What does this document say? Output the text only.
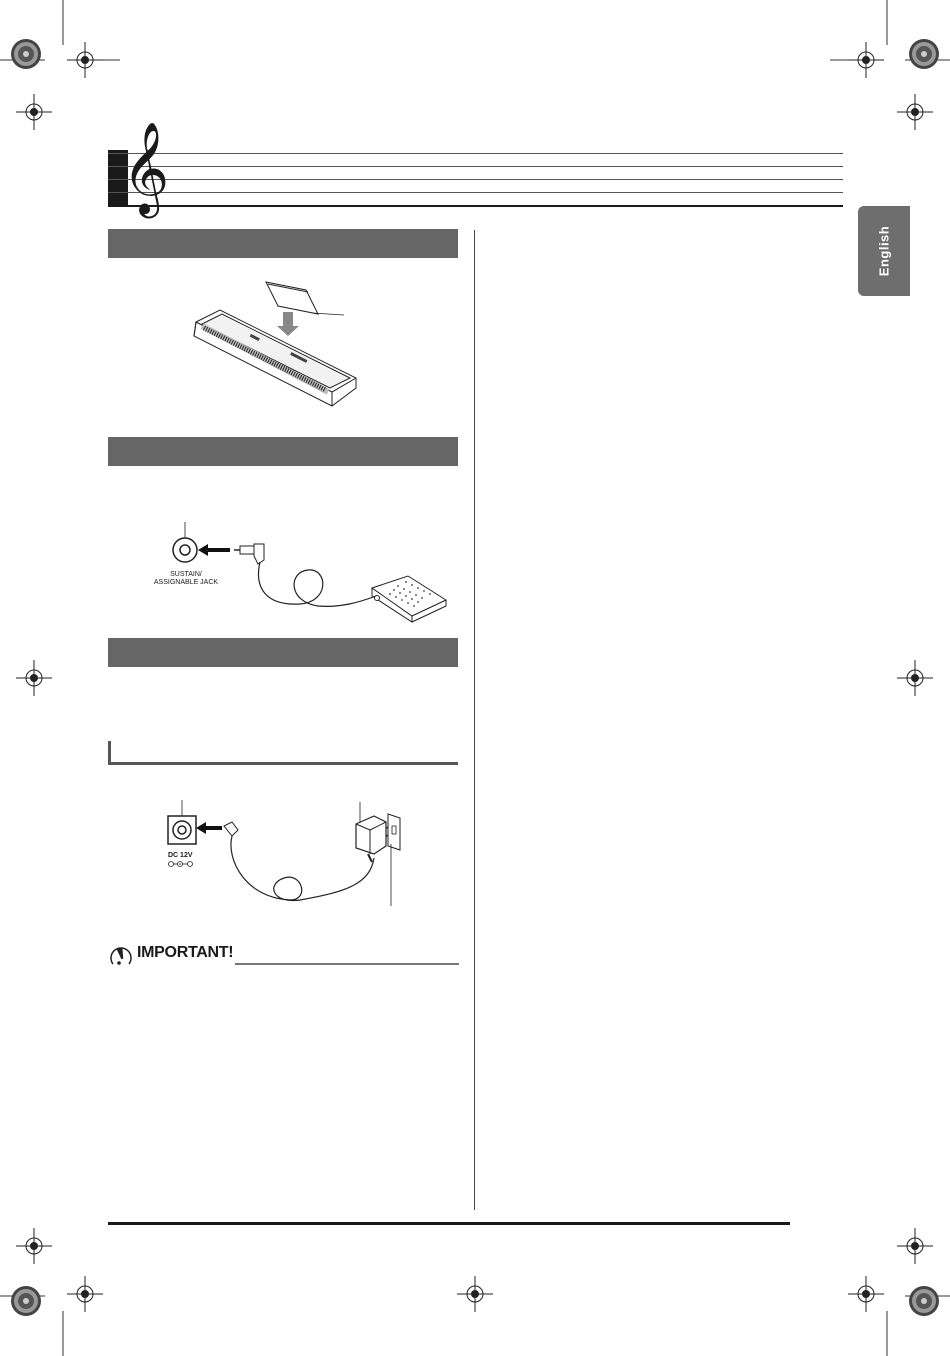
𝄞
English
SUSTAIN/
ASSIGNABLE JACK
DC 12V
IMPORTANT!
